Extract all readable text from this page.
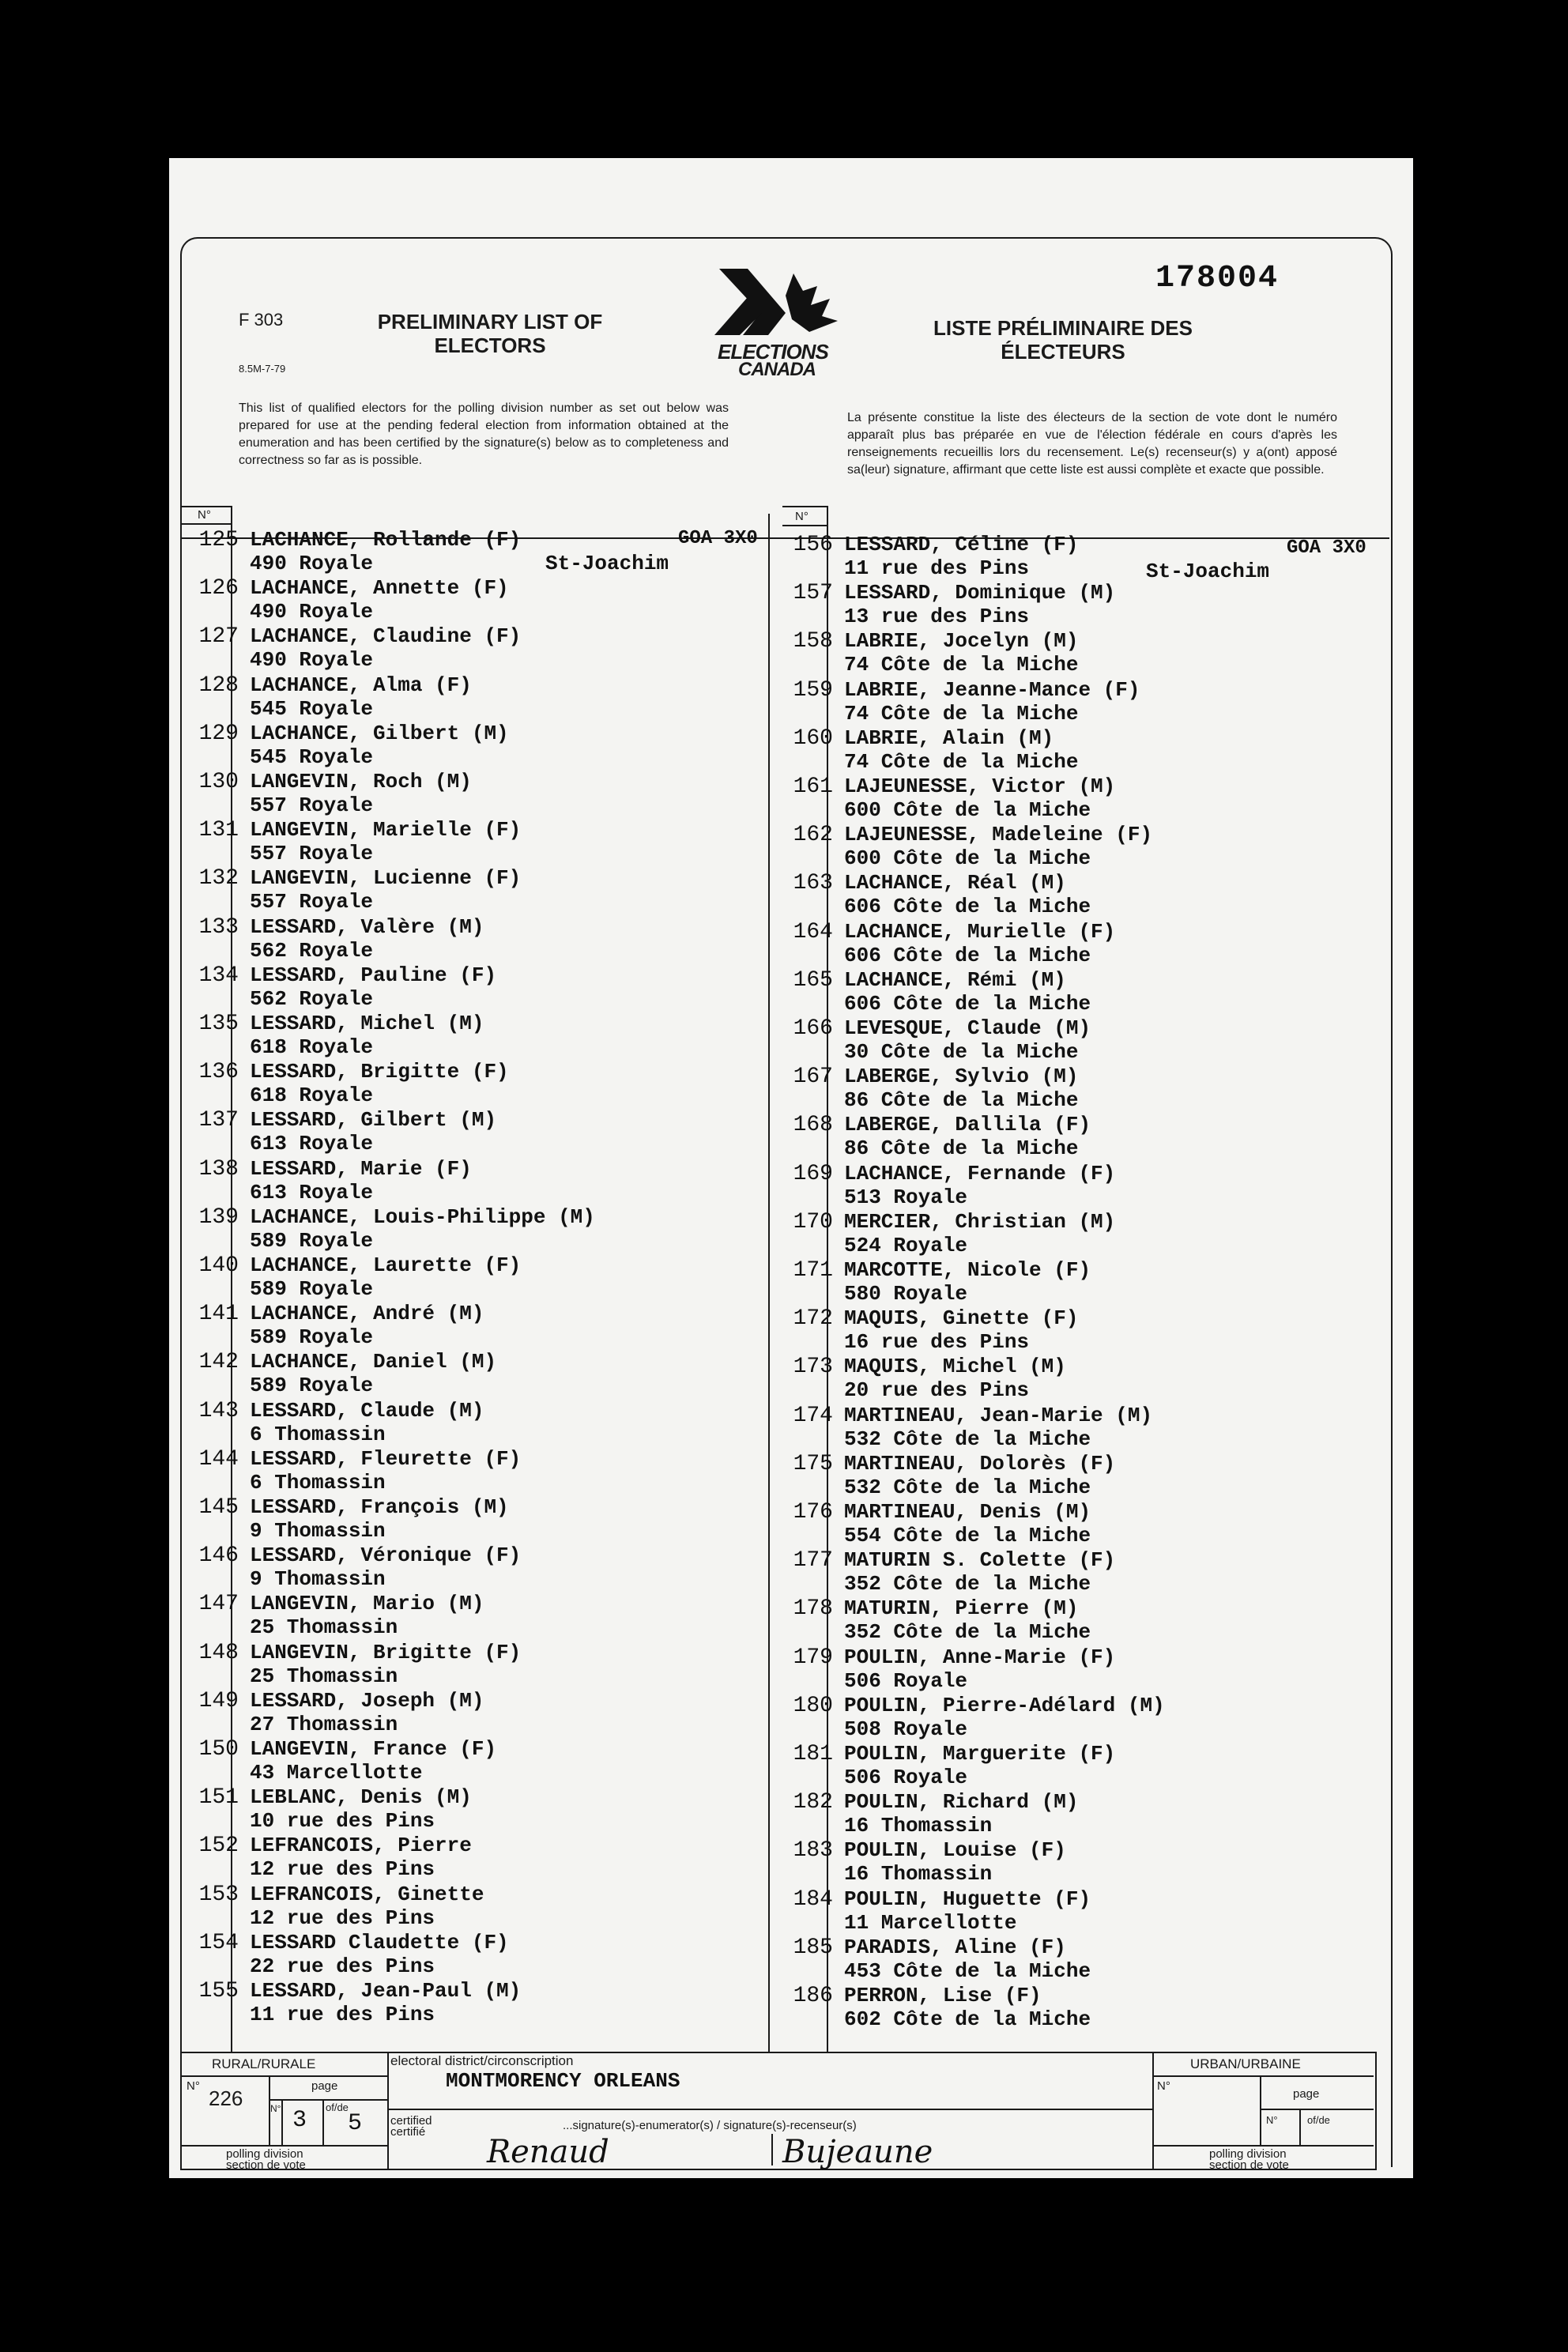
178004
F 303
8.5M-7-79
PRELIMINARY LIST OF ELECTORS	ELECTIONS
CANADA
LISTE PRÉLIMINAIRE DES ÉLECTEURS
This list of qualified electors for the polling division number as set out below was prepared for use at the pending federal election from information obtained at the enumeration and has been certified by the signature(s) below as to completeness and correctness so far as is possible.
La présente constitue la liste des électeurs de la section de vote dont le numéro apparaît plus bas préparée en vue de l'élection fédérale en cours d'après les renseignements recueillis lors du recensement. Le(s) recenseur(s) y a(ont) apposé sa(leur) signature, affirmant que cette liste est aussi complète et exacte que possible.
N°	N°
GOA 3X0
St-Joachim
GOA 3X0
St-Joachim
125 LACHANCE, Rollande (F)
490 Royale
126 LACHANCE, Annette (F)
490 Royale
127 LACHANCE, Claudine (F)
490 Royale
128 LACHANCE, Alma (F)
545 Royale
129 LACHANCE, Gilbert (M)
545 Royale
130 LANGEVIN, Roch (M)
557 Royale
131 LANGEVIN, Marielle (F)
557 Royale
132 LANGEVIN, Lucienne (F)
557 Royale
133 LESSARD, Valère (M)
562 Royale
134 LESSARD, Pauline (F)
562 Royale
135 LESSARD, Michel (M)
618 Royale
136 LESSARD, Brigitte (F)
618 Royale
137 LESSARD, Gilbert (M)
613 Royale
138 LESSARD, Marie (F)
613 Royale
139 LACHANCE, Louis-Philippe (M)
589 Royale
140 LACHANCE, Laurette (F)
589 Royale
141 LACHANCE, André (M)
589 Royale
142 LACHANCE, Daniel (M)
589 Royale
143 LESSARD, Claude (M)
6 Thomassin
144 LESSARD, Fleurette (F)
6 Thomassin
145 LESSARD, François (M)
9 Thomassin
146 LESSARD, Véronique (F)
9 Thomassin
147 LANGEVIN, Mario (M)
25 Thomassin
148 LANGEVIN, Brigitte (F)
25 Thomassin
149 LESSARD, Joseph (M)
27 Thomassin
150 LANGEVIN, France (F)
43 Marcellotte
151 LEBLANC, Denis (M)
10 rue des Pins
152 LEFRANCOIS, Pierre
12 rue des Pins
153 LEFRANCOIS, Ginette
12 rue des Pins
154 LESSARD Claudette (F)
22 rue des Pins
155 LESSARD, Jean-Paul (M)
11 rue des Pins
156 LESSARD, Céline (F)
11 rue des Pins
157 LESSARD, Dominique (M)
13 rue des Pins
158 LABRIE, Jocelyn (M)
74 Côte de la Miche
159 LABRIE, Jeanne-Mance (F)
74 Côte de la Miche
160 LABRIE, Alain (M)
74 Côte de la Miche
161 LAJEUNESSE, Victor (M)
600 Côte de la Miche
162 LAJEUNESSE, Madeleine (F)
600 Côte de la Miche
163 LACHANCE, Réal (M)
606 Côte de la Miche
164 LACHANCE, Murielle (F)
606 Côte de la Miche
165 LACHANCE, Rémi (M)
606 Côte de la Miche
166 LEVESQUE, Claude (M)
30 Côte de la Miche
167 LABERGE, Sylvio (M)
86 Côte de la Miche
168 LABERGE, Dallila (F)
86 Côte de la Miche
169 LACHANCE, Fernande (F)
513 Royale
170 MERCIER, Christian (M)
524 Royale
171 MARCOTTE, Nicole (F)
580 Royale
172 MAQUIS, Ginette (F)
16 rue des Pins
173 MAQUIS, Michel (M)
20 rue des Pins
174 MARTINEAU, Jean-Marie (M)
532 Côte de la Miche
175 MARTINEAU, Dolorès (F)
532 Côte de la Miche
176 MARTINEAU, Denis (M)
554 Côte de la Miche
177 MATURIN S. Colette (F)
352 Côte de la Miche
178 MATURIN, Pierre (M)
352 Côte de la Miche
179 POULIN, Anne-Marie (F)
506 Royale
180 POULIN, Pierre-Adélard (M)
508 Royale
181 POULIN, Marguerite (F)
506 Royale
182 POULIN, Richard (M)
16 Thomassin
183 POULIN, Louise (F)
16 Thomassin
184 POULIN, Huguette (F)
11 Marcellotte
185 PARADIS, Aline (F)
453 Côte de la Miche
186 PERRON, Lise (F)
602 Côte de la Miche
RURAL/RURALE	URBAN/URBAINE
N°
226
page
N° 3 of/de
5
polling division
section de vote
electoral district/circonscription
MONTMORENCY ORLEANS
certified
certifié	...signature(s)-enumerator(s) / signature(s)-recenseur(s)
Renaud	Bujeaune
N°
page
N°	of/de
polling division
section de vote
